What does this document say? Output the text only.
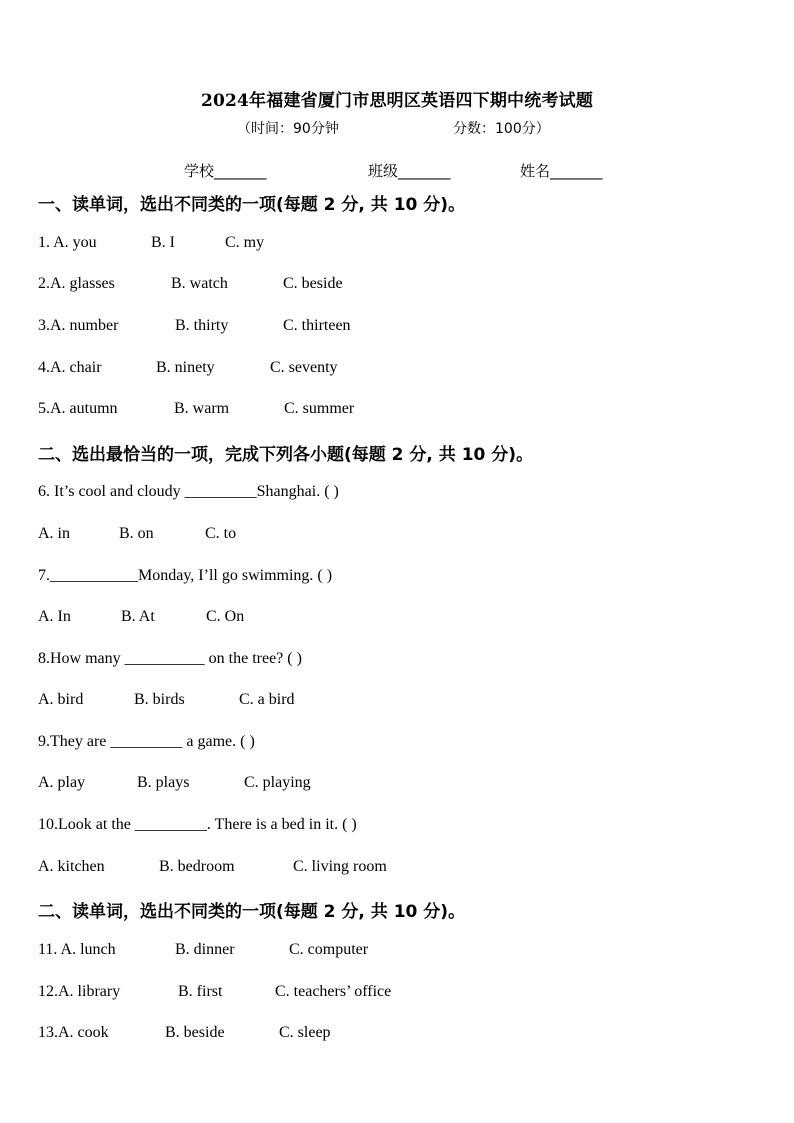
2024年福建省厦门市思明区英语四下期中统考试题
（时间：90分钟	分数：100分）
学校_______	班级_______	姓名_______
一、读单词，选出不同类的一项(每题 2 分, 共 10 分)。
1. A. you	B. I	C. my
2.A. glasses	B. watch	C. beside
3.A. number	B. thirty	C. thirteen
4.A. chair	B. ninety	C. seventy
5.A. autumn	B. warm	C. summer
二、选出最恰当的一项，完成下列各小题(每题 2 分, 共 10 分)。
6. It’s cool and cloudy _________Shanghai. ( )
A. in	B. on	C. to
7.___________Monday, I’ll go swimming. ( )
A. In	B. At	C. On
8.How many __________ on the tree? ( )
A. bird	B. birds	C. a bird
9.They are _________ a game. ( )
A. play	B. plays	C. playing
10.Look at the _________. There is a bed in it. ( )
A. kitchen	B. bedroom	C. living room
二、读单词，选出不同类的一项(每题 2 分, 共 10 分)。
11. A. lunch	B. dinner	C. computer
12.A. library	B. first	C. teachers’ office
13.A. cook	B. beside	C. sleep
